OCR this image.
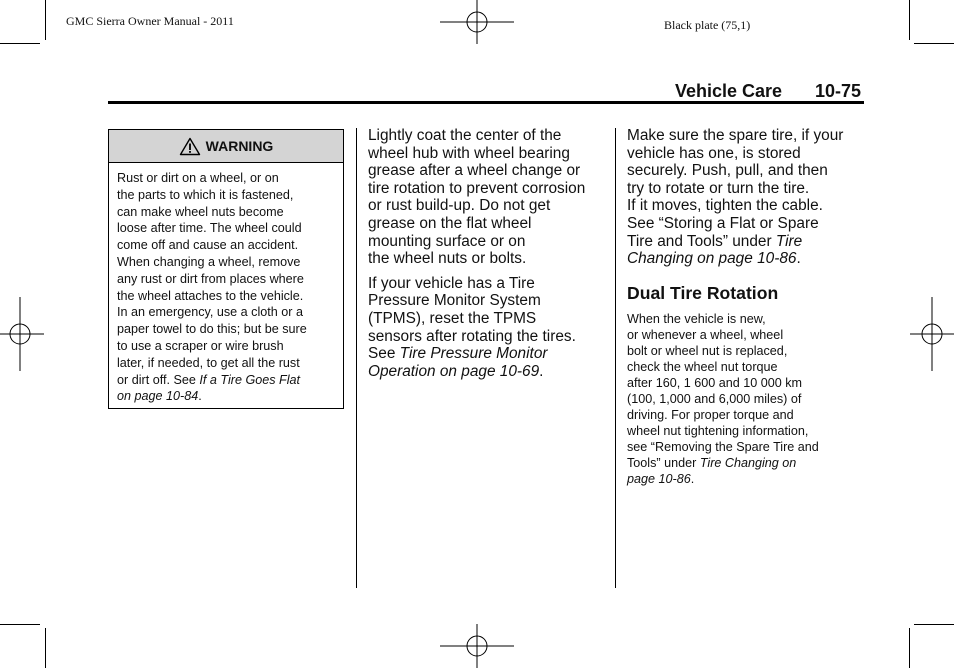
GMC Sierra Owner Manual - 2011	Black plate (75,1)
Vehicle Care 10-75
WARNING
Rust or dirt on a wheel, or on
the parts to which it is fastened,
can make wheel nuts become
loose after time. The wheel could
come off and cause an accident.
When changing a wheel, remove
any rust or dirt from places where
the wheel attaches to the vehicle.
In an emergency, use a cloth or a
paper towel to do this; but be sure
to use a scraper or wire brush
later, if needed, to get all the rust
or dirt off. See If a Tire Goes Flat
on page 10-84.

Lightly coat the center of the
wheel hub with wheel bearing
grease after a wheel change or
tire rotation to prevent corrosion
or rust build-up. Do not get
grease on the flat wheel
mounting surface or on
the wheel nuts or bolts.

If your vehicle has a Tire
Pressure Monitor System
(TPMS), reset the TPMS
sensors after rotating the tires.
See Tire Pressure Monitor
Operation on page 10-69.

Make sure the spare tire, if your
vehicle has one, is stored
securely. Push, pull, and then
try to rotate or turn the tire.
If it moves, tighten the cable.
See “Storing a Flat or Spare
Tire and Tools” under Tire
Changing on page 10-86.

Dual Tire Rotation

When the vehicle is new,
or whenever a wheel, wheel
bolt or wheel nut is replaced,
check the wheel nut torque
after 160, 1 600 and 10 000 km
(100, 1,000 and 6,000 miles) of
driving. For proper torque and
wheel nut tightening information,
see “Removing the Spare Tire and
Tools” under Tire Changing on
page 10-86.
